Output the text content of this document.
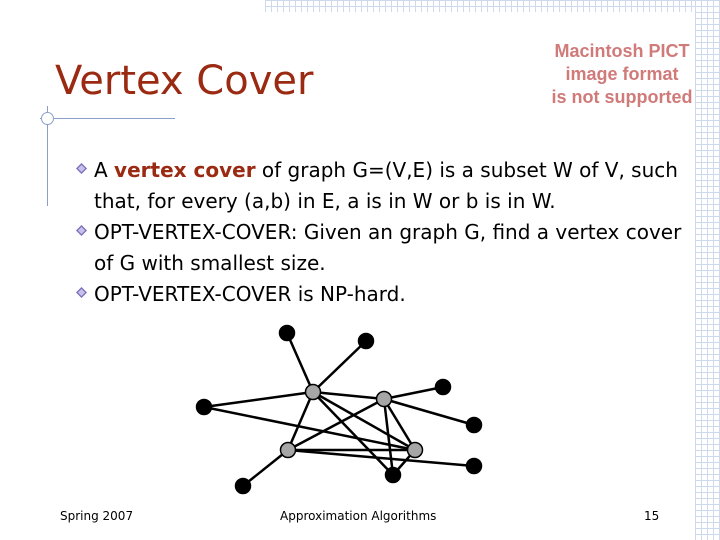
Macintosh PICT
image format
is not supported
Vertex Cover
A vertex cover of graph G=(V,E) is a subset W of V, such that, for every (a,b) in E, a is in W or b is in W.
OPT-VERTEX-COVER: Given an graph G, find a vertex cover of G with smallest size.
OPT-VERTEX-COVER is NP-hard.
Spring 2007	Approximation Algorithms	15
